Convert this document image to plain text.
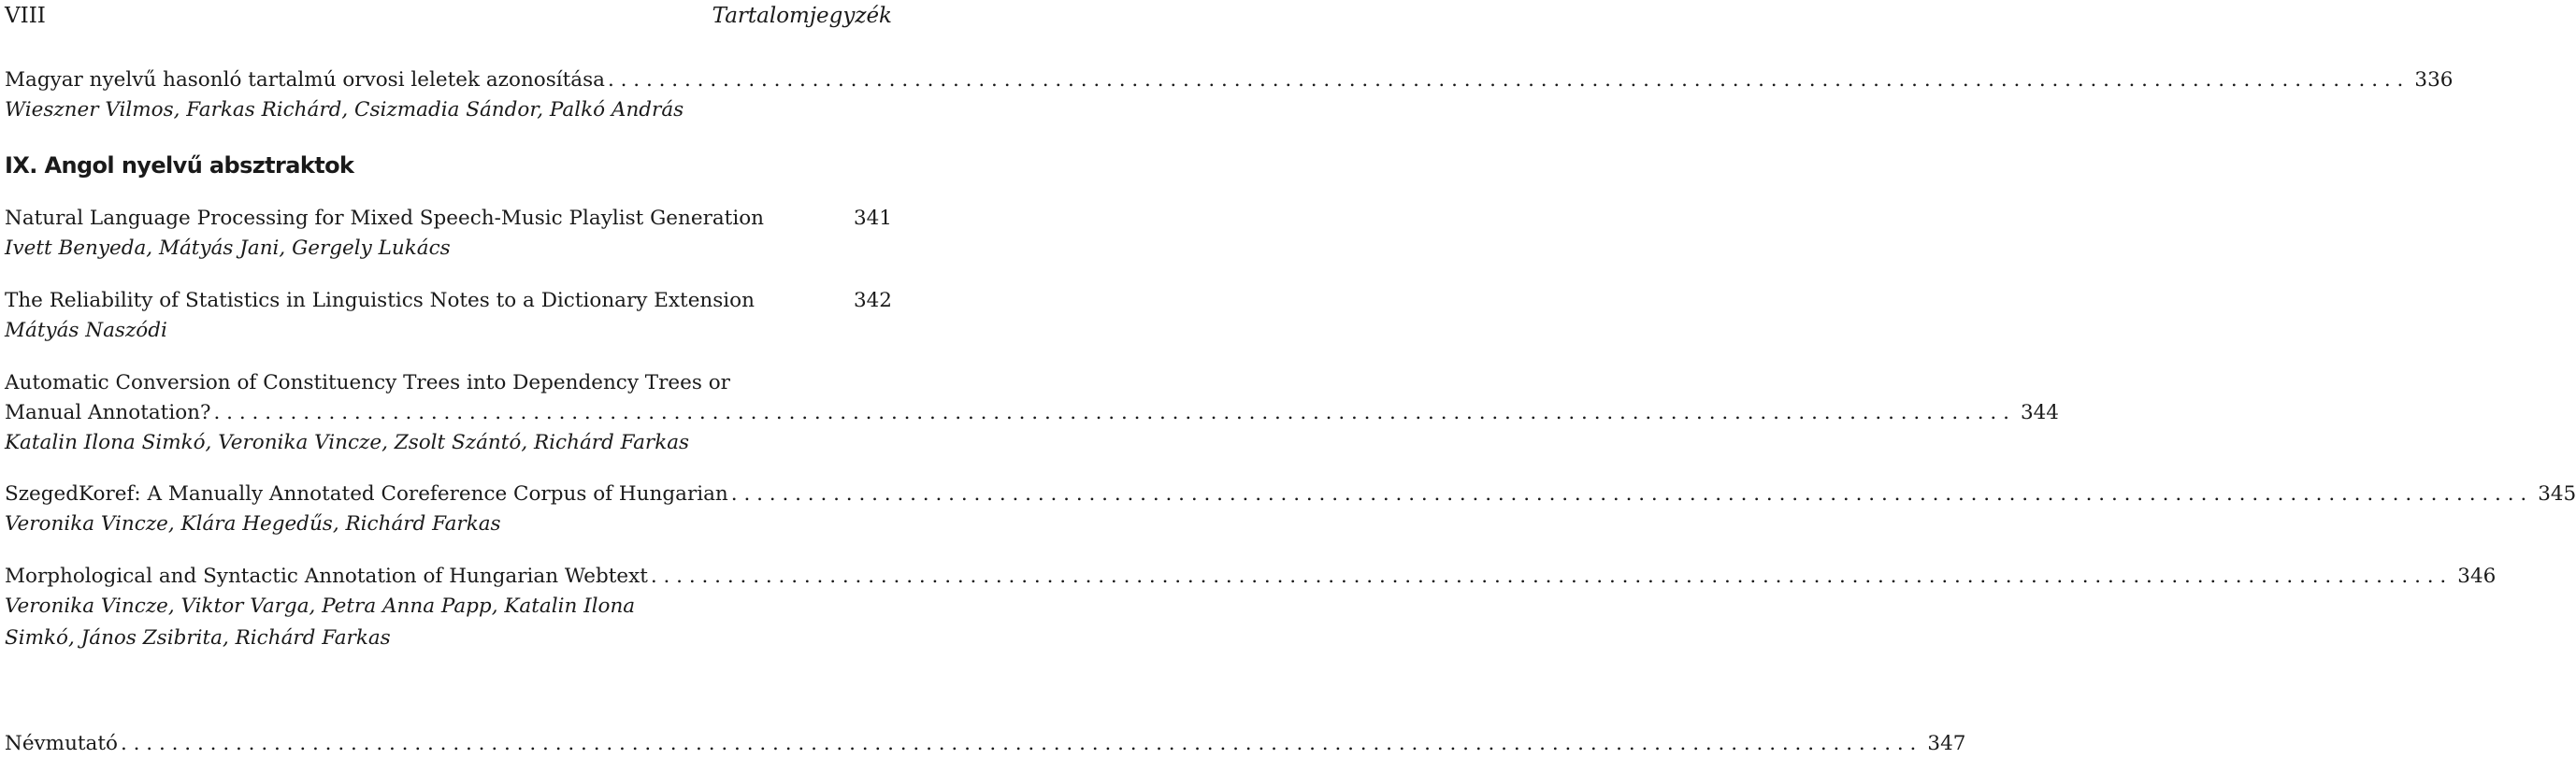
VIII	Tartalomjegyzék
Magyar nyelvű hasonló tartalmú orvosi leletek azonosítása . . .	336
Wieszner Vilmos, Farkas Richárd, Csizmadia Sándor, Palkó András
IX. Angol nyelvű absztraktok
Natural Language Processing for Mixed Speech-Music Playlist Generation	341
Ivett Benyeda, Mátyás Jani, Gergely Lukács
The Reliability of Statistics in Linguistics Notes to a Dictionary Extension	342
Mátyás Naszódi
Automatic Conversion of Constituency Trees into Dependency Trees or
Manual Annotation? . . .	344
Katalin Ilona Simkó, Veronika Vincze, Zsolt Szántó, Richárd Farkas
SzegedKoref: A Manually Annotated Coreference Corpus of Hungarian . . .	345
Veronika Vincze, Klára Hegedűs, Richárd Farkas
Morphological and Syntactic Annotation of Hungarian Webtext . . .	346
Veronika Vincze, Viktor Varga, Petra Anna Papp, Katalin Ilona
Simkó, János Zsibrita, Richárd Farkas
Névmutató . . .	347
